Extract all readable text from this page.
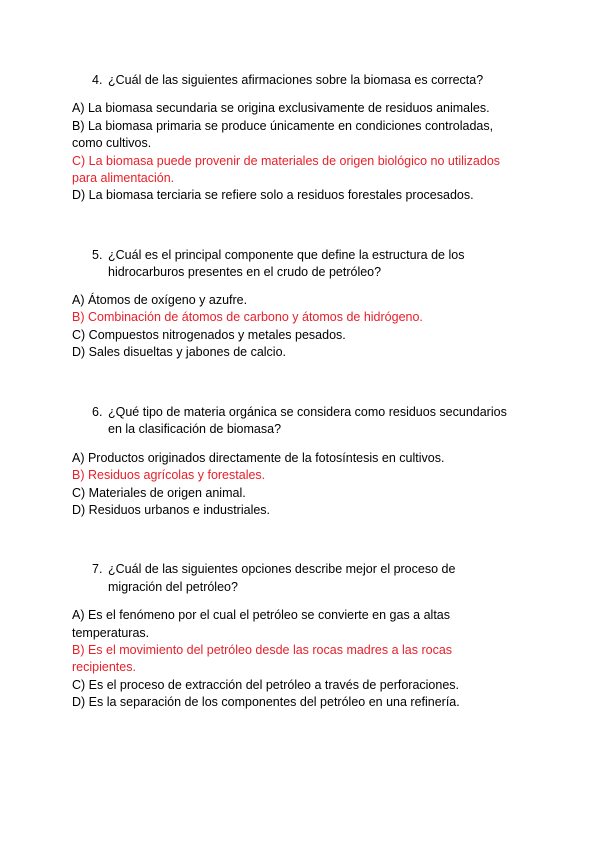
4. ¿Cuál de las siguientes afirmaciones sobre la biomasa es correcta?
A) La biomasa secundaria se origina exclusivamente de residuos animales.
B) La biomasa primaria se produce únicamente en condiciones controladas,
como cultivos.
C) La biomasa puede provenir de materiales de origen biológico no utilizados
para alimentación.
D) La biomasa terciaria se refiere solo a residuos forestales procesados.
5. ¿Cuál es el principal componente que define la estructura de los
hidrocarburos presentes en el crudo de petróleo?
A) Átomos de oxígeno y azufre.
B) Combinación de átomos de carbono y átomos de hidrógeno.
C) Compuestos nitrogenados y metales pesados.
D) Sales disueltas y jabones de calcio.
6. ¿Qué tipo de materia orgánica se considera como residuos secundarios
en la clasificación de biomasa?
A) Productos originados directamente de la fotosíntesis en cultivos.
B) Residuos agrícolas y forestales.
C) Materiales de origen animal.
D) Residuos urbanos e industriales.
7. ¿Cuál de las siguientes opciones describe mejor el proceso de
migración del petróleo?
A) Es el fenómeno por el cual el petróleo se convierte en gas a altas
temperaturas.
B) Es el movimiento del petróleo desde las rocas madres a las rocas
recipientes.
C) Es el proceso de extracción del petróleo a través de perforaciones.
D) Es la separación de los componentes del petróleo en una refinería.
